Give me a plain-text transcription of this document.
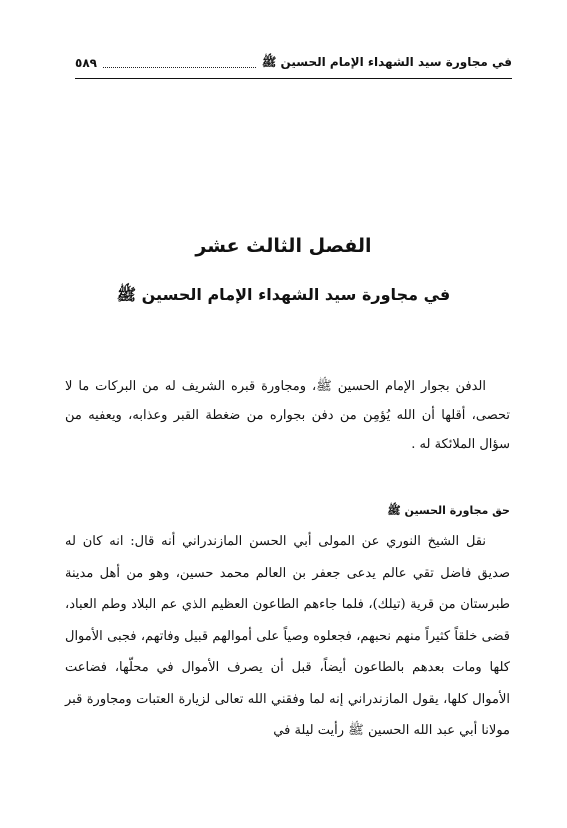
في مجاورة سيد الشهداء الإمام الحسين ﷺ
٥٨٩
الفصل الثالث عشر
في مجاورة سيد الشهداء الإمام الحسين ﷺ

الدفن بجوار الإمام الحسين ﷺ، ومجاورة قبره الشريف له من البركات ما لا تحصى، أقلها أن الله يُؤمِن من دفن بجواره من ضغطة القبر وعذابه، ويعفيه من سؤال الملائكة له .

حق مجاورة الحسين ﷺ

نقل الشيخ النوري عن المولى أبي الحسن المازندراني أنه قال: انه كان له صديق فاضل تقي عالم يدعى جعفر بن العالم محمد حسين، وهو من أهل مدينة طبرستان من قرية (تيلك)، فلما جاءهم الطاعون العظيم الذي عم البلاد وطم العباد، قضى خلقاً كثيراً منهم نحبهم، فجعلوه وصياً على أموالهم قبيل وفاتهم، فجبى الأموال كلها ومات بعدهم بالطاعون أيضاً، قبل أن يصرف الأموال في محلّها، فضاعت الأموال كلها، يقول المازندراني إنه لما وفقني الله تعالى لزيارة العتبات ومجاورة قبر مولانا أبي عبد الله الحسين ﷺ رأيت ليلة في
